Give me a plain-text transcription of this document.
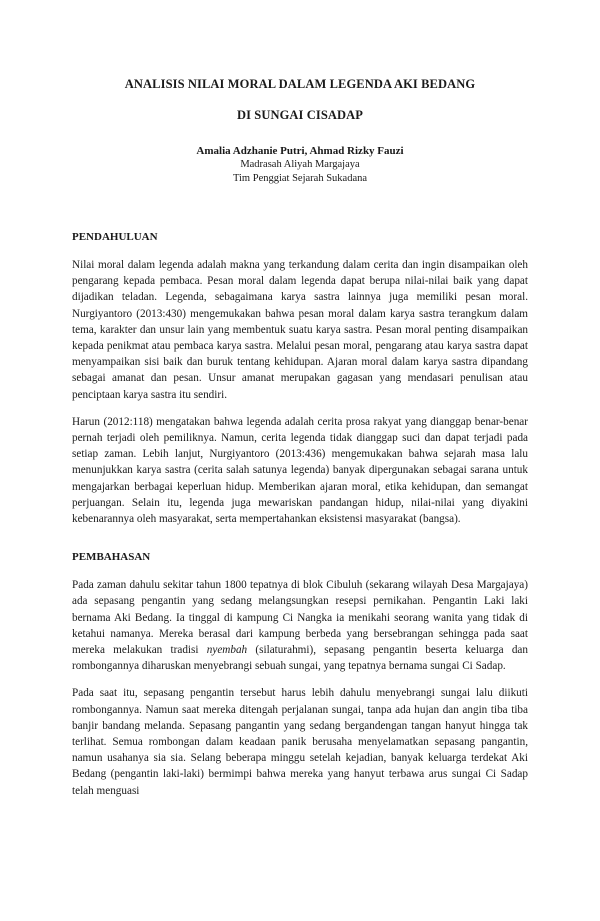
ANALISIS NILAI MORAL DALAM LEGENDA AKI BEDANG
DI SUNGAI CISADAP
Amalia Adzhanie Putri, Ahmad Rizky Fauzi
Madrasah Aliyah Margajaya
Tim Penggiat Sejarah Sukadana
PENDAHULUAN

Nilai moral dalam legenda adalah makna yang terkandung dalam cerita dan ingin disampaikan oleh pengarang kepada pembaca. Pesan moral dalam legenda dapat berupa nilai-nilai baik yang dapat dijadikan teladan. Legenda, sebagaimana karya sastra lainnya juga memiliki pesan moral. Nurgiyantoro (2013:430) mengemukakan bahwa pesan moral dalam karya sastra terangkum dalam tema, karakter dan unsur lain yang membentuk suatu karya sastra. Pesan moral penting disampaikan kepada penikmat atau pembaca karya sastra. Melalui pesan moral, pengarang atau karya sastra dapat menyampaikan sisi baik dan buruk tentang kehidupan. Ajaran moral dalam karya sastra dipandang sebagai amanat dan pesan. Unsur amanat merupakan gagasan yang mendasari penulisan atau penciptaan karya sastra itu sendiri.

Harun (2012:118) mengatakan bahwa legenda adalah cerita prosa rakyat yang dianggap benar-benar pernah terjadi oleh pemiliknya. Namun, cerita legenda tidak dianggap suci dan dapat terjadi pada setiap zaman. Lebih lanjut, Nurgiyantoro (2013:436) mengemukakan bahwa sejarah masa lalu menunjukkan karya sastra (cerita salah satunya legenda) banyak dipergunakan sebagai sarana untuk mengajarkan berbagai keperluan hidup. Memberikan ajaran moral, etika kehidupan, dan semangat perjuangan. Selain itu, legenda juga mewariskan pandangan hidup, nilai-nilai yang diyakini kebenarannya oleh masyarakat, serta mempertahankan eksistensi masyarakat (bangsa).

PEMBAHASAN

Pada zaman dahulu sekitar tahun 1800 tepatnya di blok Cibuluh (sekarang wilayah Desa Margajaya) ada sepasang pengantin yang sedang melangsungkan resepsi pernikahan. Pengantin Laki laki bernama Aki Bedang. Ia tinggal di kampung Ci Nangka ia menikahi seorang wanita yang tidak di ketahui namanya. Mereka berasal dari kampung berbeda yang bersebrangan sehingga pada saat mereka melakukan tradisi nyembah (silaturahmi), sepasang pengantin beserta keluarga dan rombongannya diharuskan menyebrangi sebuah sungai, yang tepatnya bernama sungai Ci Sadap.

Pada saat itu, sepasang pengantin tersebut harus lebih dahulu menyebrangi sungai lalu diikuti rombongannya. Namun saat mereka ditengah perjalanan sungai, tanpa ada hujan dan angin tiba tiba banjir bandang melanda. Sepasang pangantin yang sedang bergandengan tangan hanyut hingga tak terlihat. Semua rombongan dalam keadaan panik berusaha menyelamatkan sepasang pangantin, namun usahanya sia sia. Selang beberapa minggu setelah kejadian, banyak keluarga terdekat Aki Bedang (pengantin laki-laki) bermimpi bahwa mereka yang hanyut terbawa arus sungai Ci Sadap telah menguasi
